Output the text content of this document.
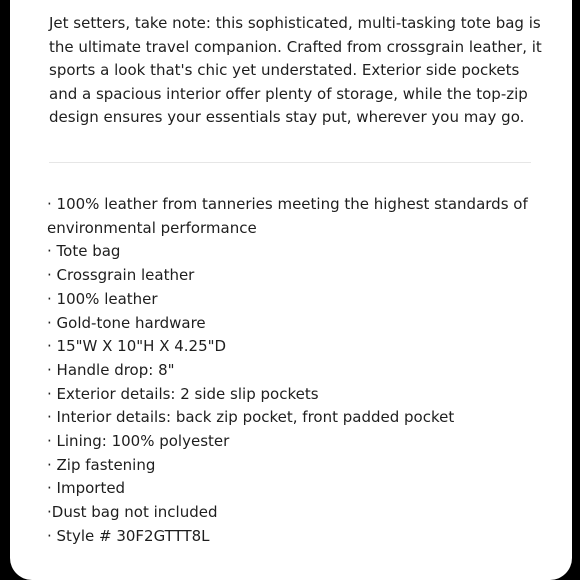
Jet setters, take note: this sophisticated, multi-tasking tote bag is
the ultimate travel companion. Crafted from crossgrain leather, it
sports a look that's chic yet understated. Exterior side pockets
and a spacious interior offer plenty of storage, while the top-zip
design ensures your essentials stay put, wherever you may go.

· 100% leather from tanneries meeting the highest standards of
environmental performance
· Tote bag
· Crossgrain leather
· 100% leather
· Gold-tone hardware
· 15"W X 10"H X 4.25"D
· Handle drop: 8"
· Exterior details: 2 side slip pockets
· Interior details: back zip pocket, front padded pocket
· Lining: 100% polyester
· Zip fastening
· Imported
·Dust bag not included
· Style # 30F2GTTT8L
